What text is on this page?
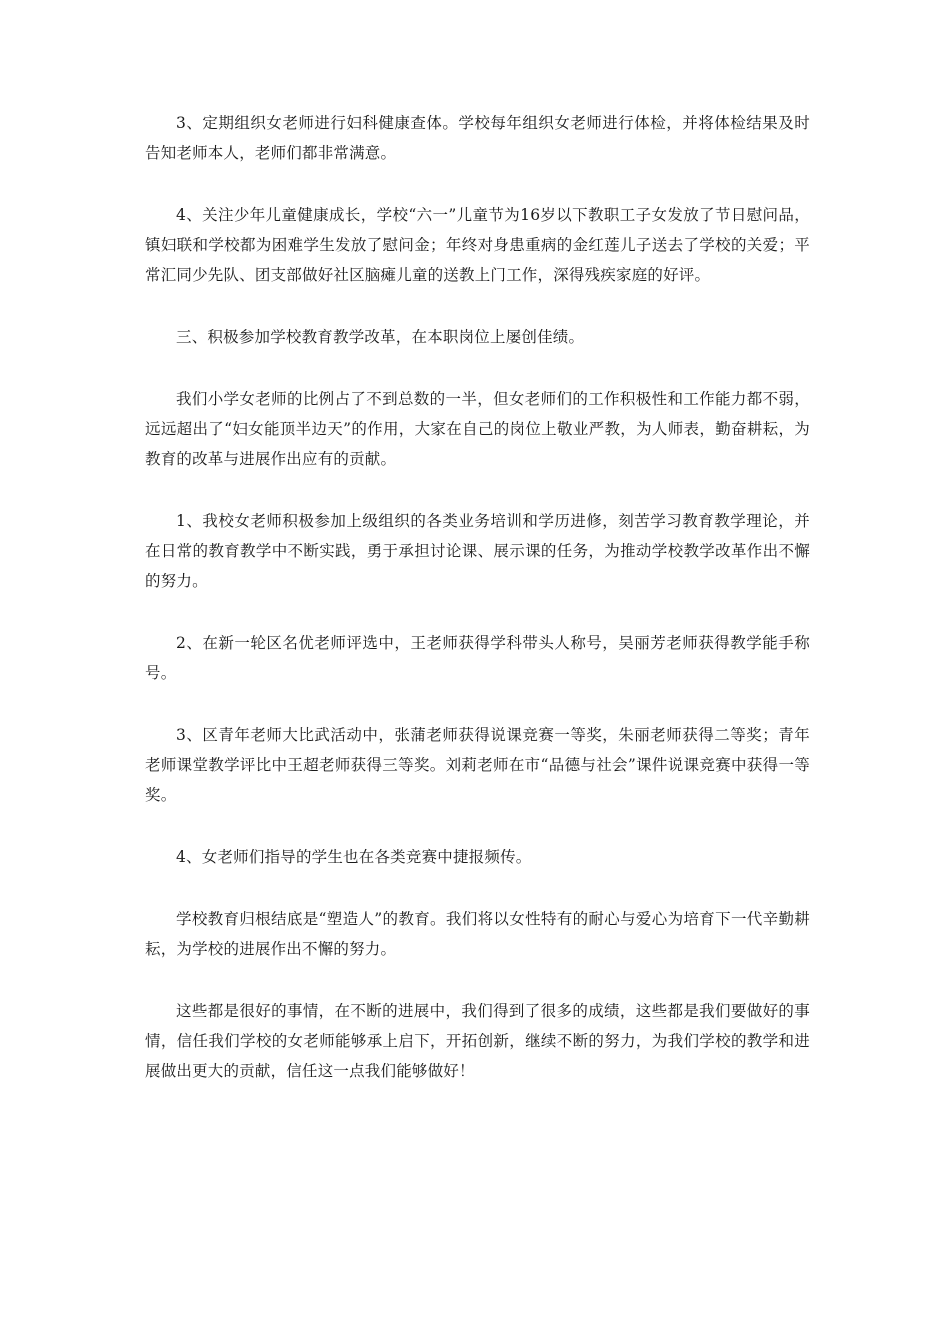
3、定期组织女老师进行妇科健康查体。学校每年组织女老师进行体检，并将体检结果及时告知老师本人，老师们都非常满意。

4、关注少年儿童健康成长，学校“六一”儿童节为16岁以下教职工子女发放了节日慰问品，镇妇联和学校都为困难学生发放了慰问金；年终对身患重病的金红莲儿子送去了学校的关爱；平常汇同少先队、团支部做好社区脑瘫儿童的送教上门工作，深得残疾家庭的好评。

三、积极参加学校教育教学改革，在本职岗位上屡创佳绩。

我们小学女老师的比例占了不到总数的一半，但女老师们的工作积极性和工作能力都不弱，远远超出了“妇女能顶半边天”的作用，大家在自己的岗位上敬业严教，为人师表，勤奋耕耘，为教育的改革与进展作出应有的贡献。

1、我校女老师积极参加上级组织的各类业务培训和学历进修，刻苦学习教育教学理论，并在日常的教育教学中不断实践，勇于承担讨论课、展示课的任务，为推动学校教学改革作出不懈的努力。

2、在新一轮区名优老师评选中，王老师获得学科带头人称号，吴丽芳老师获得教学能手称号。

3、区青年老师大比武活动中，张蒲老师获得说课竞赛一等奖，朱丽老师获得二等奖；青年老师课堂教学评比中王超老师获得三等奖。刘莉老师在市“品德与社会”课件说课竞赛中获得一等奖。

4、女老师们指导的学生也在各类竞赛中捷报频传。

学校教育归根结底是“塑造人”的教育。我们将以女性特有的耐心与爱心为培育下一代辛勤耕耘，为学校的进展作出不懈的努力。

这些都是很好的事情，在不断的进展中，我们得到了很多的成绩，这些都是我们要做好的事情，信任我们学校的女老师能够承上启下，开拓创新，继续不断的努力，为我们学校的教学和进展做出更大的贡献，信任这一点我们能够做好！
